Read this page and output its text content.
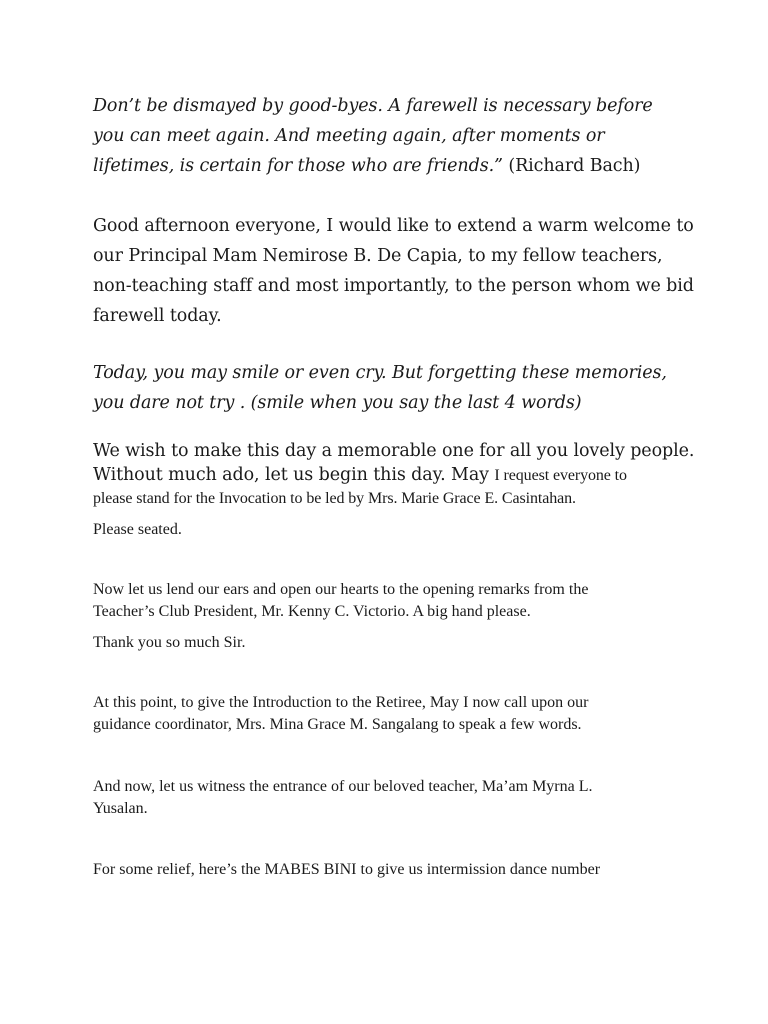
Don’t be dismayed by good-byes. A farewell is necessary before
you can meet again. And meeting again, after moments or
lifetimes, is certain for those who are friends.” (Richard Bach)

Good afternoon everyone, I would like to extend a warm welcome to
our Principal Mam Nemirose B. De Capia, to my fellow teachers,
non-teaching staff and most importantly, to the person whom we bid
farewell today.

Today, you may smile or even cry. But forgetting these memories,
you dare not try . (smile when you say the last 4 words)

We wish to make this day a memorable one for all you lovely people.
Without much ado, let us begin this day. May I request everyone to
please stand for the Invocation to be led by Mrs. Marie Grace E. Casintahan.

Please seated.

Now let us lend our ears and open our hearts to the opening remarks from the
Teacher’s Club President, Mr. Kenny C. Victorio. A big hand please.

Thank you so much Sir.

At this point, to give the Introduction to the Retiree, May I now call upon our
guidance coordinator, Mrs. Mina Grace M. Sangalang to speak a few words.

And now, let us witness the entrance of our beloved teacher, Ma’am Myrna L.
Yusalan.

For some relief, here’s the MABES BINI to give us intermission dance number
